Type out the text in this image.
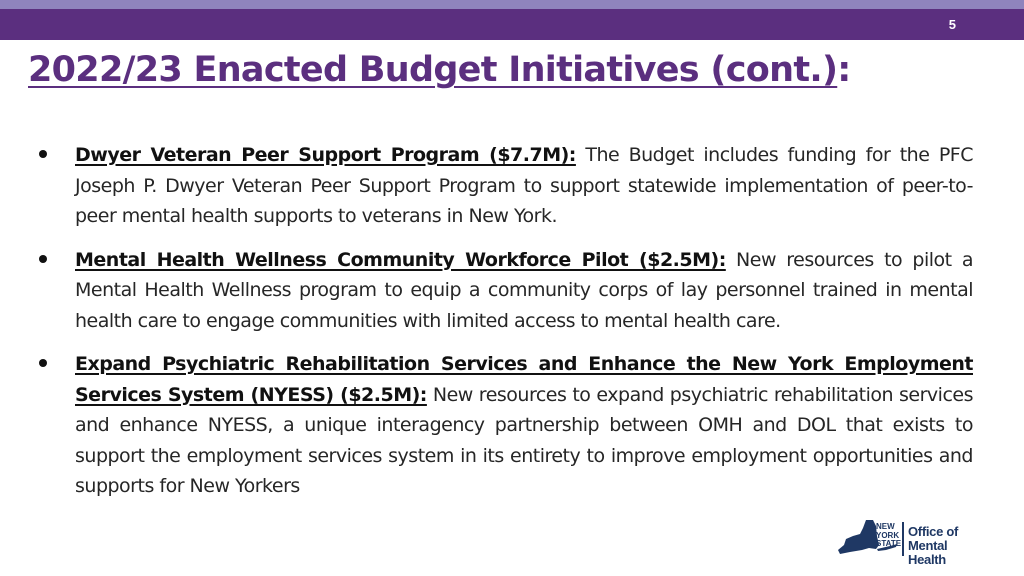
5
2022/23 Enacted Budget Initiatives (cont.):

Dwyer Veteran Peer Support Program ($7.7M): The Budget includes funding for the PFC Joseph P. Dwyer Veteran Peer Support Program to support statewide implementation of peer-to-peer mental health supports to veterans in New York.

Mental Health Wellness Community Workforce Pilot ($2.5M): New resources to pilot a Mental Health Wellness program to equip a community corps of lay personnel trained in mental health care to engage communities with limited access to mental health care.

Expand Psychiatric Rehabilitation Services and Enhance the New York Employment Services System (NYESS) ($2.5M): New resources to expand psychiatric rehabilitation services and enhance NYESS, a unique interagency partnership between OMH and DOL that exists to support the employment services system in its entirety to improve employment opportunities and supports for New Yorkers

NEW
YORK
STATE
Office of
Mental Health
